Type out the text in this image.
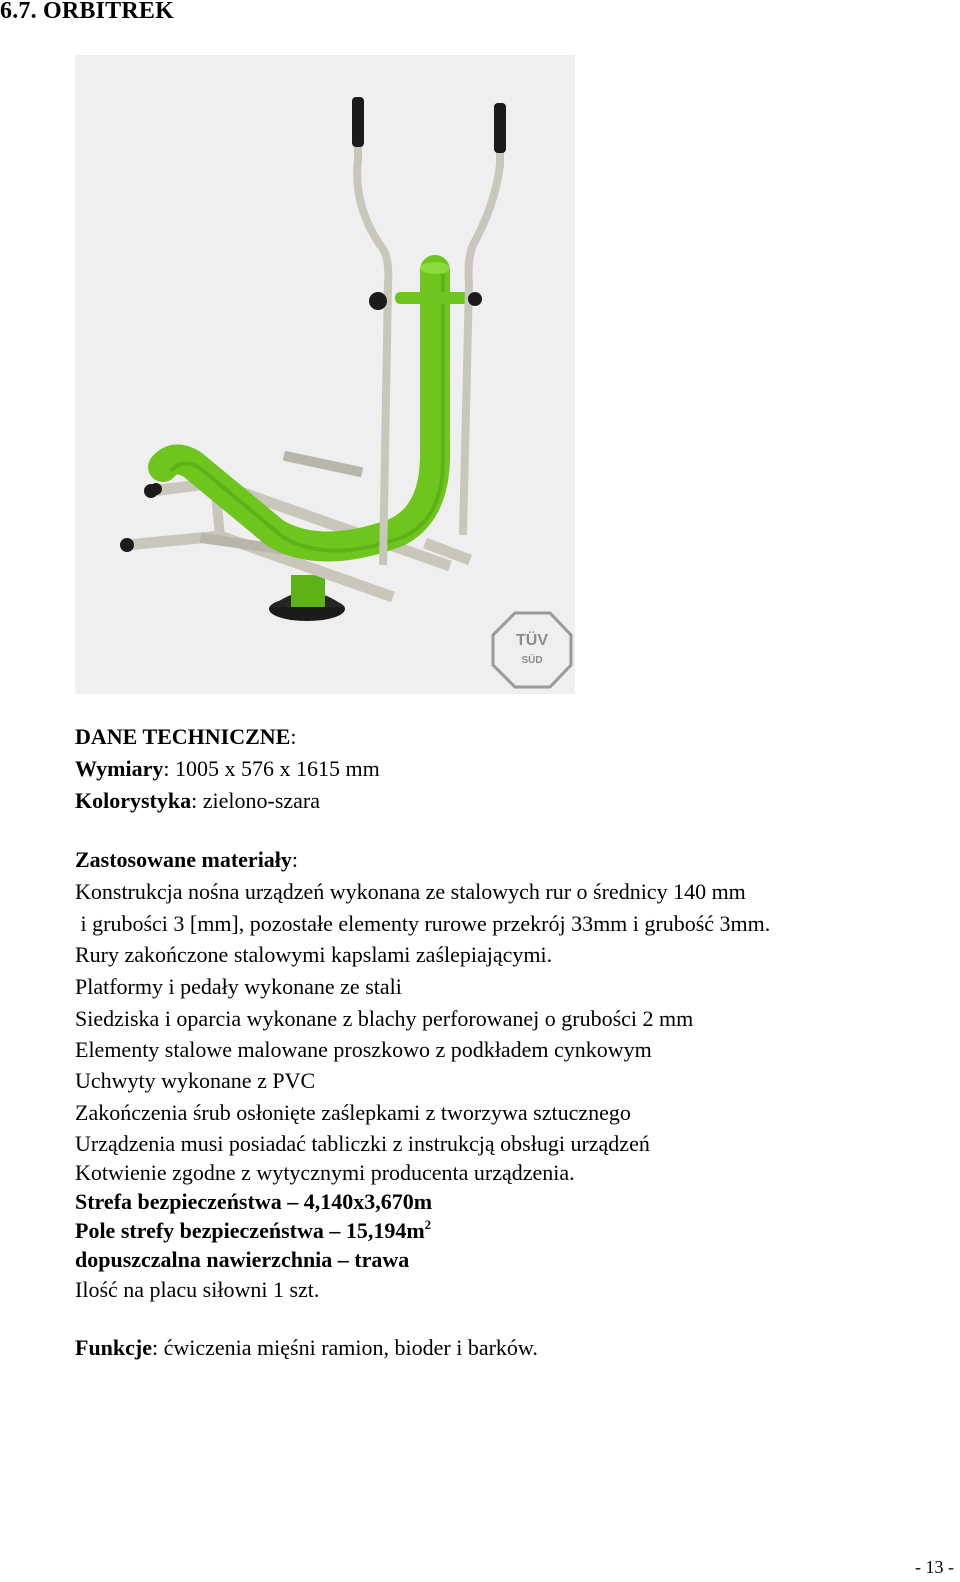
6.7. ORBITREK
TÜV
SÜD
DANE TECHNICZNE:
Wymiary: 1005 x 576 x 1615 mm
Kolorystyka: zielono-szara
Zastosowane materiały:
Konstrukcja nośna urządzeń wykonana ze stalowych rur o średnicy 140 mm
i grubości 3 [mm], pozostałe elementy rurowe przekrój 33mm i grubość 3mm.
Rury zakończone stalowymi kapslami zaślepiającymi.
Platformy i pedały wykonane ze stali
Siedziska i oparcia wykonane z blachy perforowanej o grubości 2 mm
Elementy stalowe malowane proszkowo z podkładem cynkowym
Uchwyty wykonane z PVC
Zakończenia śrub osłonięte zaślepkami z tworzywa sztucznego
Urządzenia musi posiadać tabliczki z instrukcją obsługi urządzeń
Kotwienie zgodne z wytycznymi producenta urządzenia.
Strefa bezpieczeństwa – 4,140x3,670m
Pole strefy bezpieczeństwa – $15,194m^2$
dopuszczalna nawierzchnia – trawa
Ilość na placu siłowni 1 szt.
Funkcje: ćwiczenia mięśni ramion, bioder i barków.
- 13 -
